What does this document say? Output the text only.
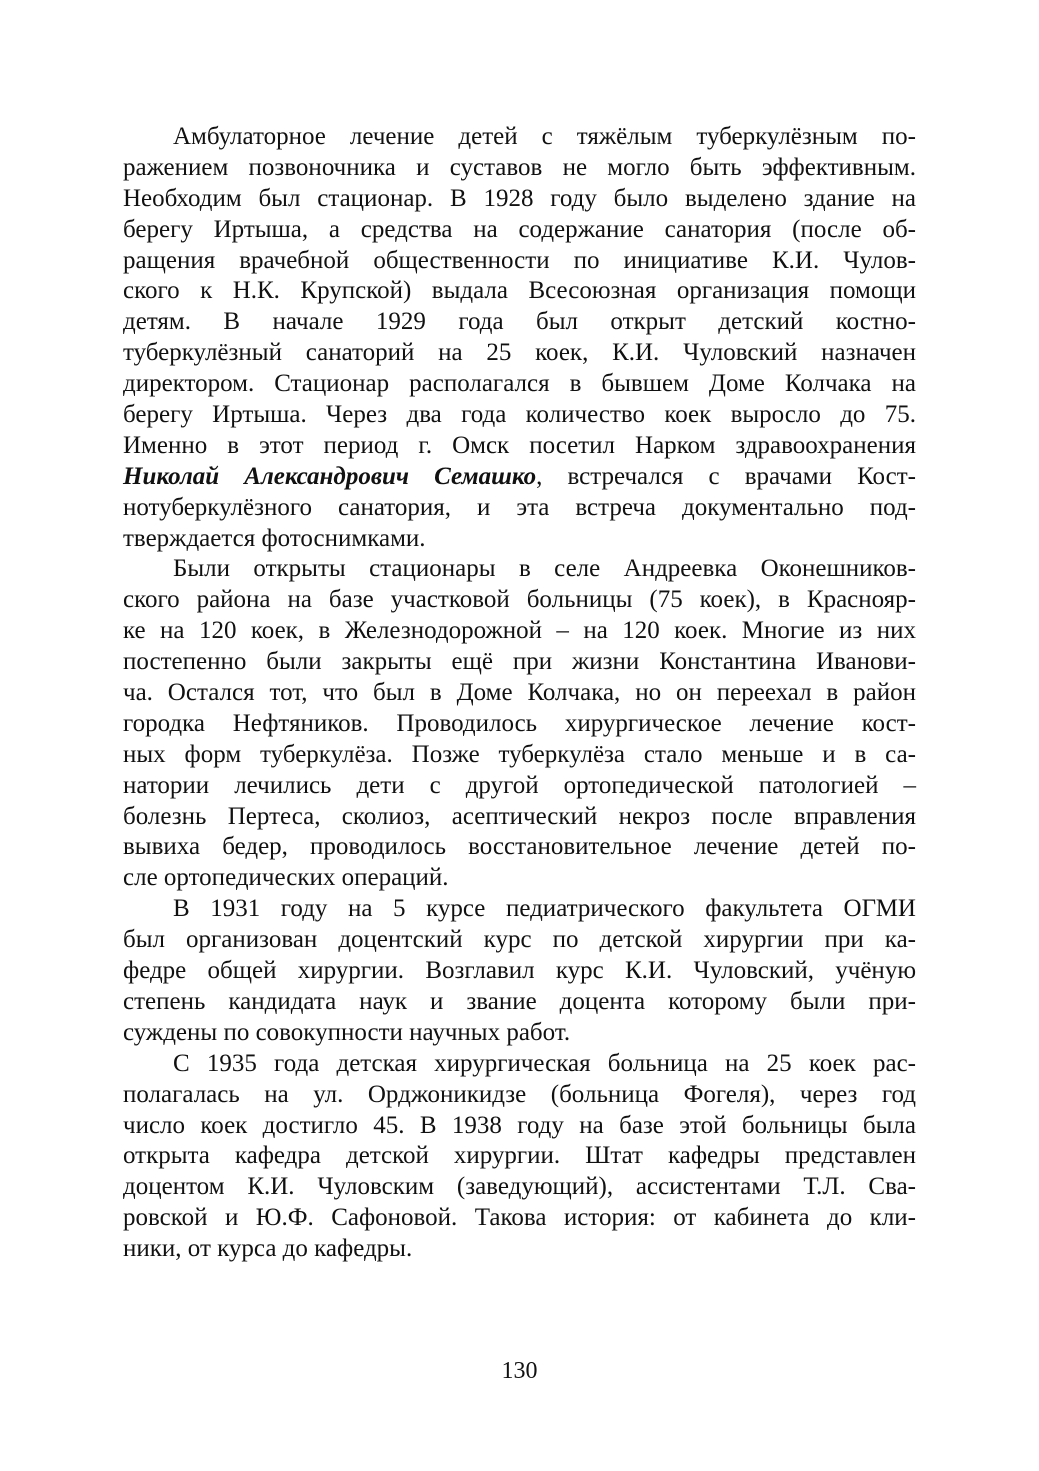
Амбулаторное лечение детей с тяжёлым туберкулёзным по-
ражением позвоночника и суставов не могло быть эффективным.
Необходим был стационар. В 1928 году было выделено здание на
берегу Иртыша, а средства на содержание санатория (после об-
ращения врачебной общественности по инициативе К.И. Чулов-
ского к Н.К. Крупской) выдала Всесоюзная организация помощи
детям. В начале 1929 года был открыт детский костно-
туберкулёзный санаторий на 25 коек, К.И. Чуловский назначен
директором. Стационар располагался в бывшем Доме Колчака на
берегу Иртыша. Через два года количество коек выросло до 75.
Именно в этот период г. Омск посетил Нарком здравоохранения
Николай Александрович Семашко, встречался с врачами Кост-
нотуберкулёзного санатория, и эта встреча документально под-
тверждается фотоснимками.
Были открыты стационары в селе Андреевка Оконешников-
ского района на базе участковой больницы (75 коек), в Краснояр-
ке на 120 коек, в Железнодорожной – на 120 коек. Многие из них
постепенно были закрыты ещё при жизни Константина Иванови-
ча. Остался тот, что был в Доме Колчака, но он переехал в район
городка Нефтяников. Проводилось хирургическое лечение кост-
ных форм туберкулёза. Позже туберкулёза стало меньше и в са-
натории лечились дети с другой ортопедической патологией –
болезнь Пертеса, сколиоз, асептический некроз после вправления
вывиха бедер, проводилось восстановительное лечение детей по-
сле ортопедических операций.
В 1931 году на 5 курсе педиатрического факультета ОГМИ
был организован доцентский курс по детской хирургии при ка-
федре общей хирургии. Возглавил курс К.И. Чуловский, учёную
степень кандидата наук и звание доцента которому были при-
суждены по совокупности научных работ.
С 1935 года детская хирургическая больница на 25 коек рас-
полагалась на ул. Орджоникидзе (больница Фогеля), через год
число коек достигло 45. В 1938 году на базе этой больницы была
открыта кафедра детской хирургии. Штат кафедры представлен
доцентом К.И. Чуловским (заведующий), ассистентами Т.Л. Сва-
ровской и Ю.Ф. Сафоновой. Такова история: от кабинета до кли-
ники, от курса до кафедры.
130
